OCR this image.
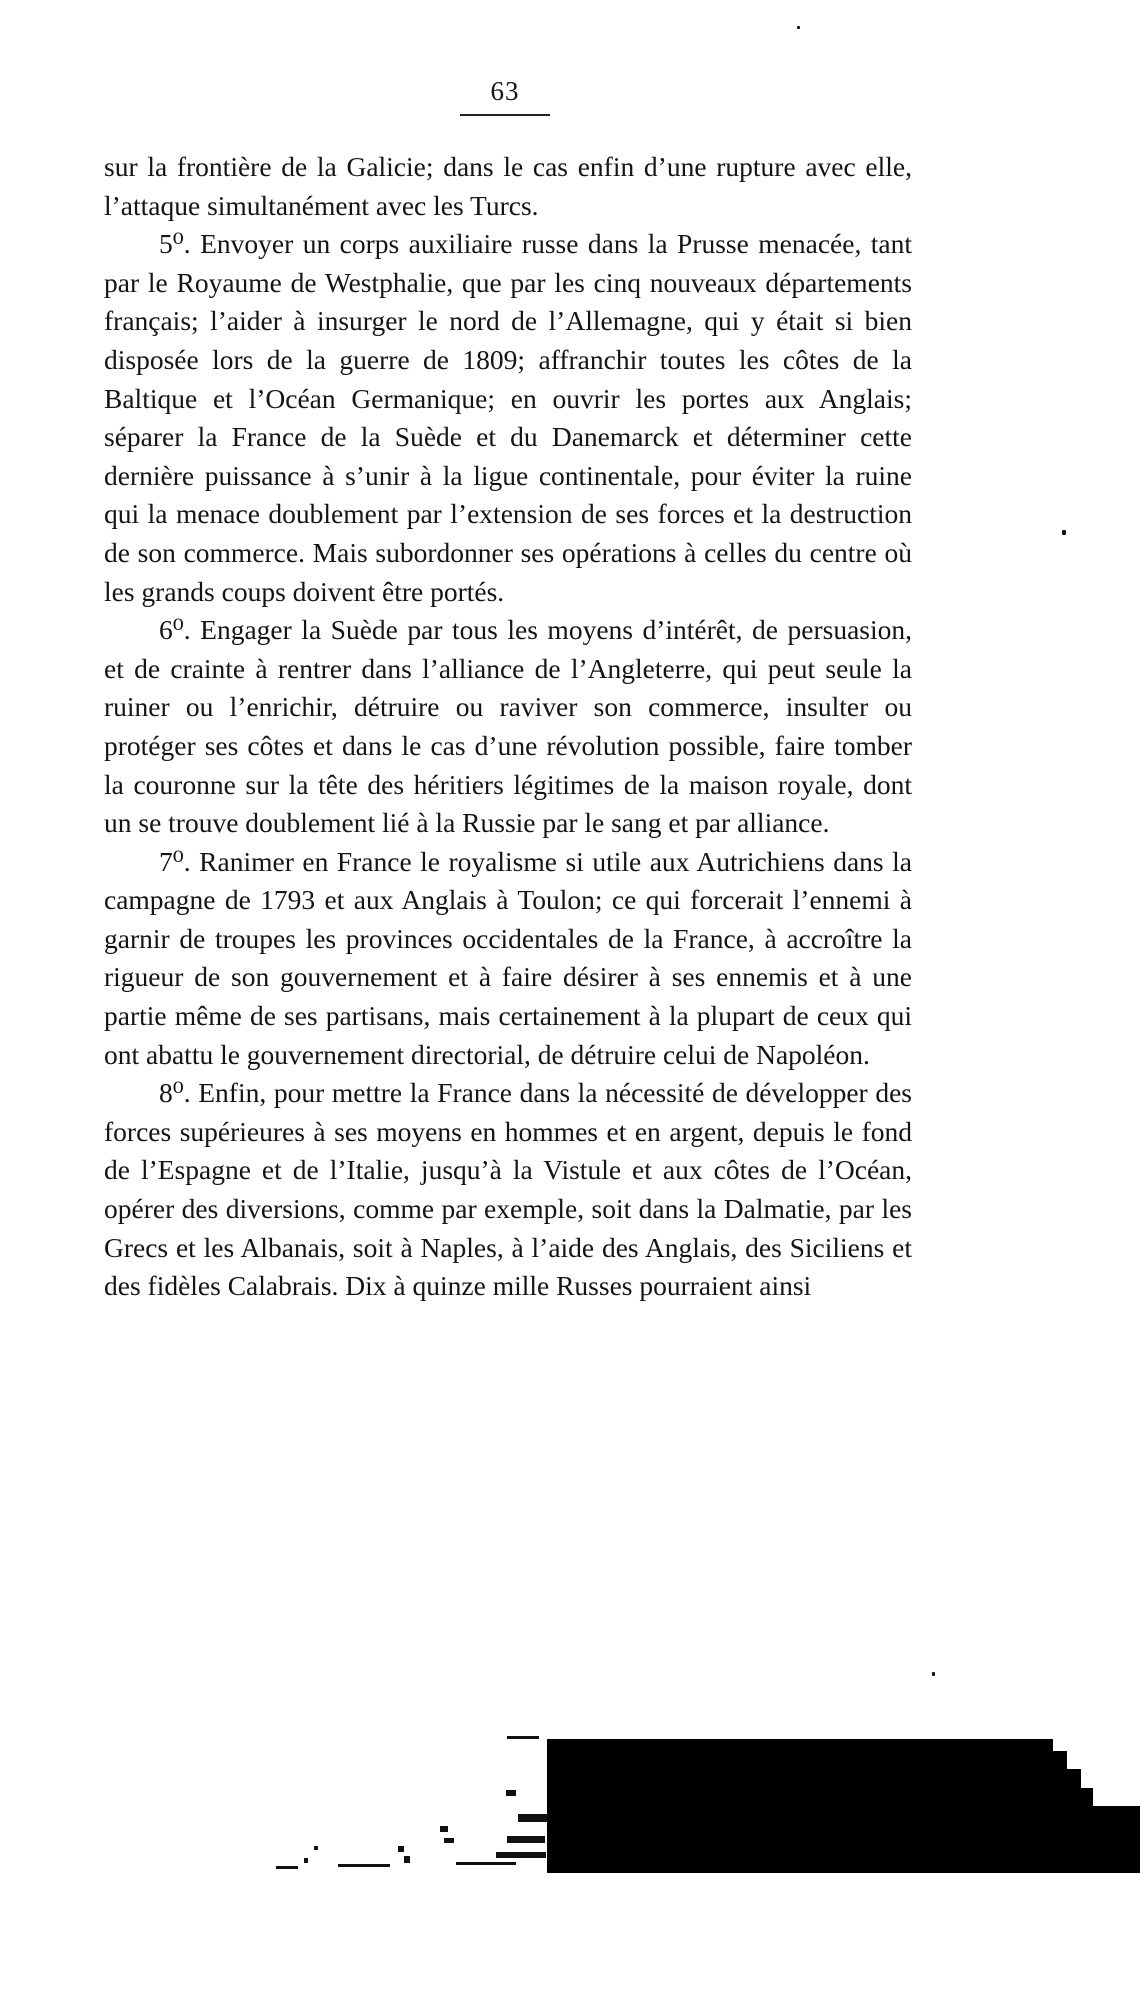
63

sur la frontière de la Galicie; dans le cas enfin d’une rupture avec elle, l’attaque simultanément avec les Turcs.

5⁰. Envoyer un corps auxiliaire russe dans la Prusse menacée, tant par le Royaume de Westphalie, que par les cinq nouveaux départements français; l’aider à insurger le nord de l’Allemagne, qui y était si bien disposée lors de la guerre de 1809; affranchir toutes les côtes de la Baltique et l’Océan Germanique; en ouvrir les portes aux Anglais; séparer la France de la Suède et du Danemarck et déterminer cette dernière puissance à s’unir à la ligue continentale, pour éviter la ruine qui la menace doublement par l’extension de ses forces et la destruction de son commerce. Mais subordonner ses opérations à celles du centre où les grands coups doivent être portés.

6⁰. Engager la Suède par tous les moyens d’intérêt, de persuasion, et de crainte à rentrer dans l’alliance de l’Angleterre, qui peut seule la ruiner ou l’enrichir, détruire ou raviver son commerce, insulter ou protéger ses côtes et dans le cas d’une révolution possible, faire tomber la couronne sur la tête des héritiers légitimes de la maison royale, dont un se trouve doublement lié à la Russie par le sang et par alliance.

7⁰. Ranimer en France le royalisme si utile aux Autrichiens dans la campagne de 1793 et aux Anglais à Toulon; ce qui forcerait l’ennemi à garnir de troupes les provinces occidentales de la France, à accroître la rigueur de son gouvernement et à faire désirer à ses ennemis et à une partie même de ses partisans, mais certainement à la plupart de ceux qui ont abattu le gouvernement directorial, de détruire celui de Napoléon.

8⁰. Enfin, pour mettre la France dans la nécessité de développer des forces supérieures à ses moyens en hommes et en argent, depuis le fond de l’Espagne et de l’Italie, jusqu’à la Vistule et aux côtes de l’Océan, opérer des diversions, comme par exemple, soit dans la Dalmatie, par les Grecs et les Albanais, soit à Naples, à l’aide des Anglais, des Siciliens et des fidèles Calabrais. Dix à quinze mille Russes pourraient ainsi
